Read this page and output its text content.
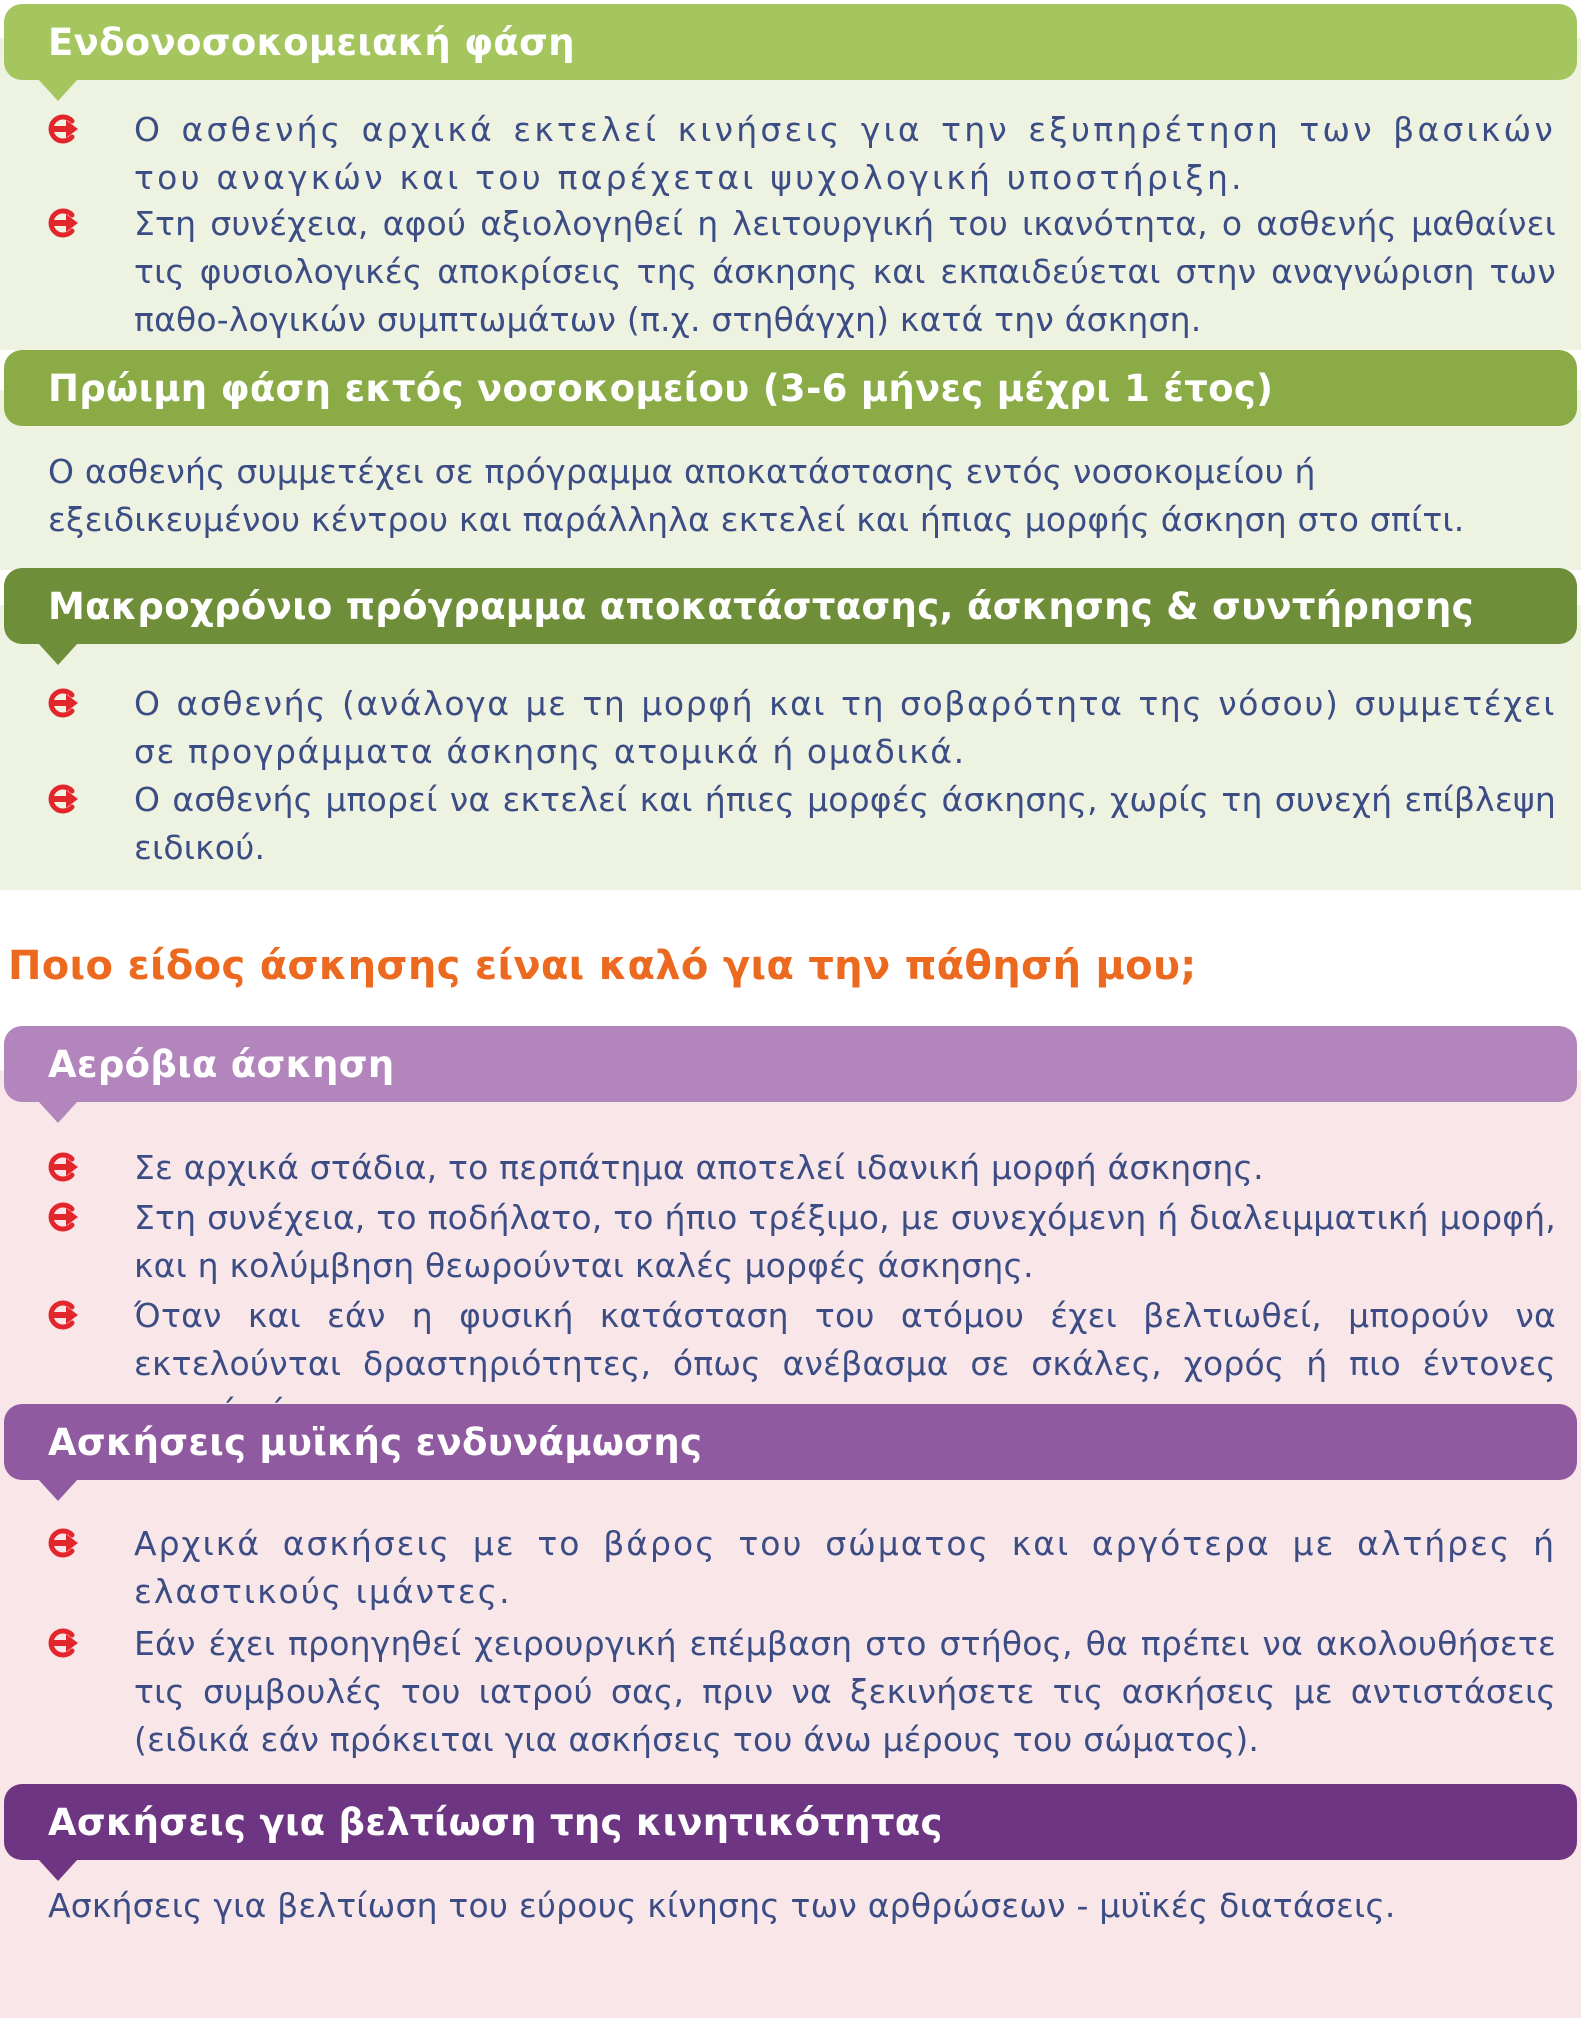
Ενδονοσοκομειακή φάση
Ο ασθενής αρχικά εκτελεί κινήσεις για την εξυπηρέτηση των βασικών του αναγκών και του παρέχεται ψυχολογική υποστήριξη.
Στη συνέχεια, αφού αξιολογηθεί η λειτουργική του ικανότητα, ο ασθενής μαθαίνει τις φυσιολογικές αποκρίσεις της άσκησης και εκπαιδεύεται στην αναγνώριση των παθο-λογικών συμπτωμάτων (π.χ. στηθάγχη) κατά την άσκηση.
Πρώιμη φάση εκτός νοσοκομείου (3-6 μήνες μέχρι 1 έτος)
Ο ασθενής συμμετέχει σε πρόγραμμα αποκατάστασης εντός νοσοκομείου ή εξειδικευμένου κέντρου και παράλληλα εκτελεί και ήπιας μορφής άσκηση στο σπίτι.
Μακροχρόνιο πρόγραμμα αποκατάστασης, άσκησης & συντήρησης
Ο ασθενής (ανάλογα με τη μορφή και τη σοβαρότητα της νόσου) συμμετέχει σε προγράμματα άσκησης ατομικά ή ομαδικά.
Ο ασθενής μπορεί να εκτελεί και ήπιες μορφές άσκησης, χωρίς τη συνεχή επίβλεψη ειδικού.
Ποιο είδος άσκησης είναι καλό για την πάθησή μου;
Αερόβια άσκηση
Σε αρχικά στάδια, το περπάτημα αποτελεί ιδανική μορφή άσκησης.
Στη συνέχεια, το ποδήλατο, το ήπιο τρέξιμο, με συνεχόμενη ή διαλειμματική μορφή, και η κολύμβηση θεωρούνται καλές μορφές άσκησης.
Όταν και εάν η φυσική κατάσταση του ατόμου έχει βελτιωθεί, μπορούν να εκτελούνται δραστηριότητες, όπως ανέβασμα σε σκάλες, χορός ή πιο έντονες
Ασκήσεις μυϊκής ενδυνάμωσης
Αρχικά ασκήσεις με το βάρος του σώματος και αργότερα με αλτήρες ή ελαστικούς ιμάντες.
Εάν έχει προηγηθεί χειρουργική επέμβαση στο στήθος, θα πρέπει να ακολουθήσετε τις συμβουλές του ιατρού σας, πριν να ξεκινήσετε τις ασκήσεις με αντιστάσεις (ειδικά εάν πρόκειται για ασκήσεις του άνω μέρους του σώματος).
Ασκήσεις για βελτίωση της κινητικότητας
Ασκήσεις για βελτίωση του εύρους κίνησης των αρθρώσεων - μυϊκές διατάσεις.
